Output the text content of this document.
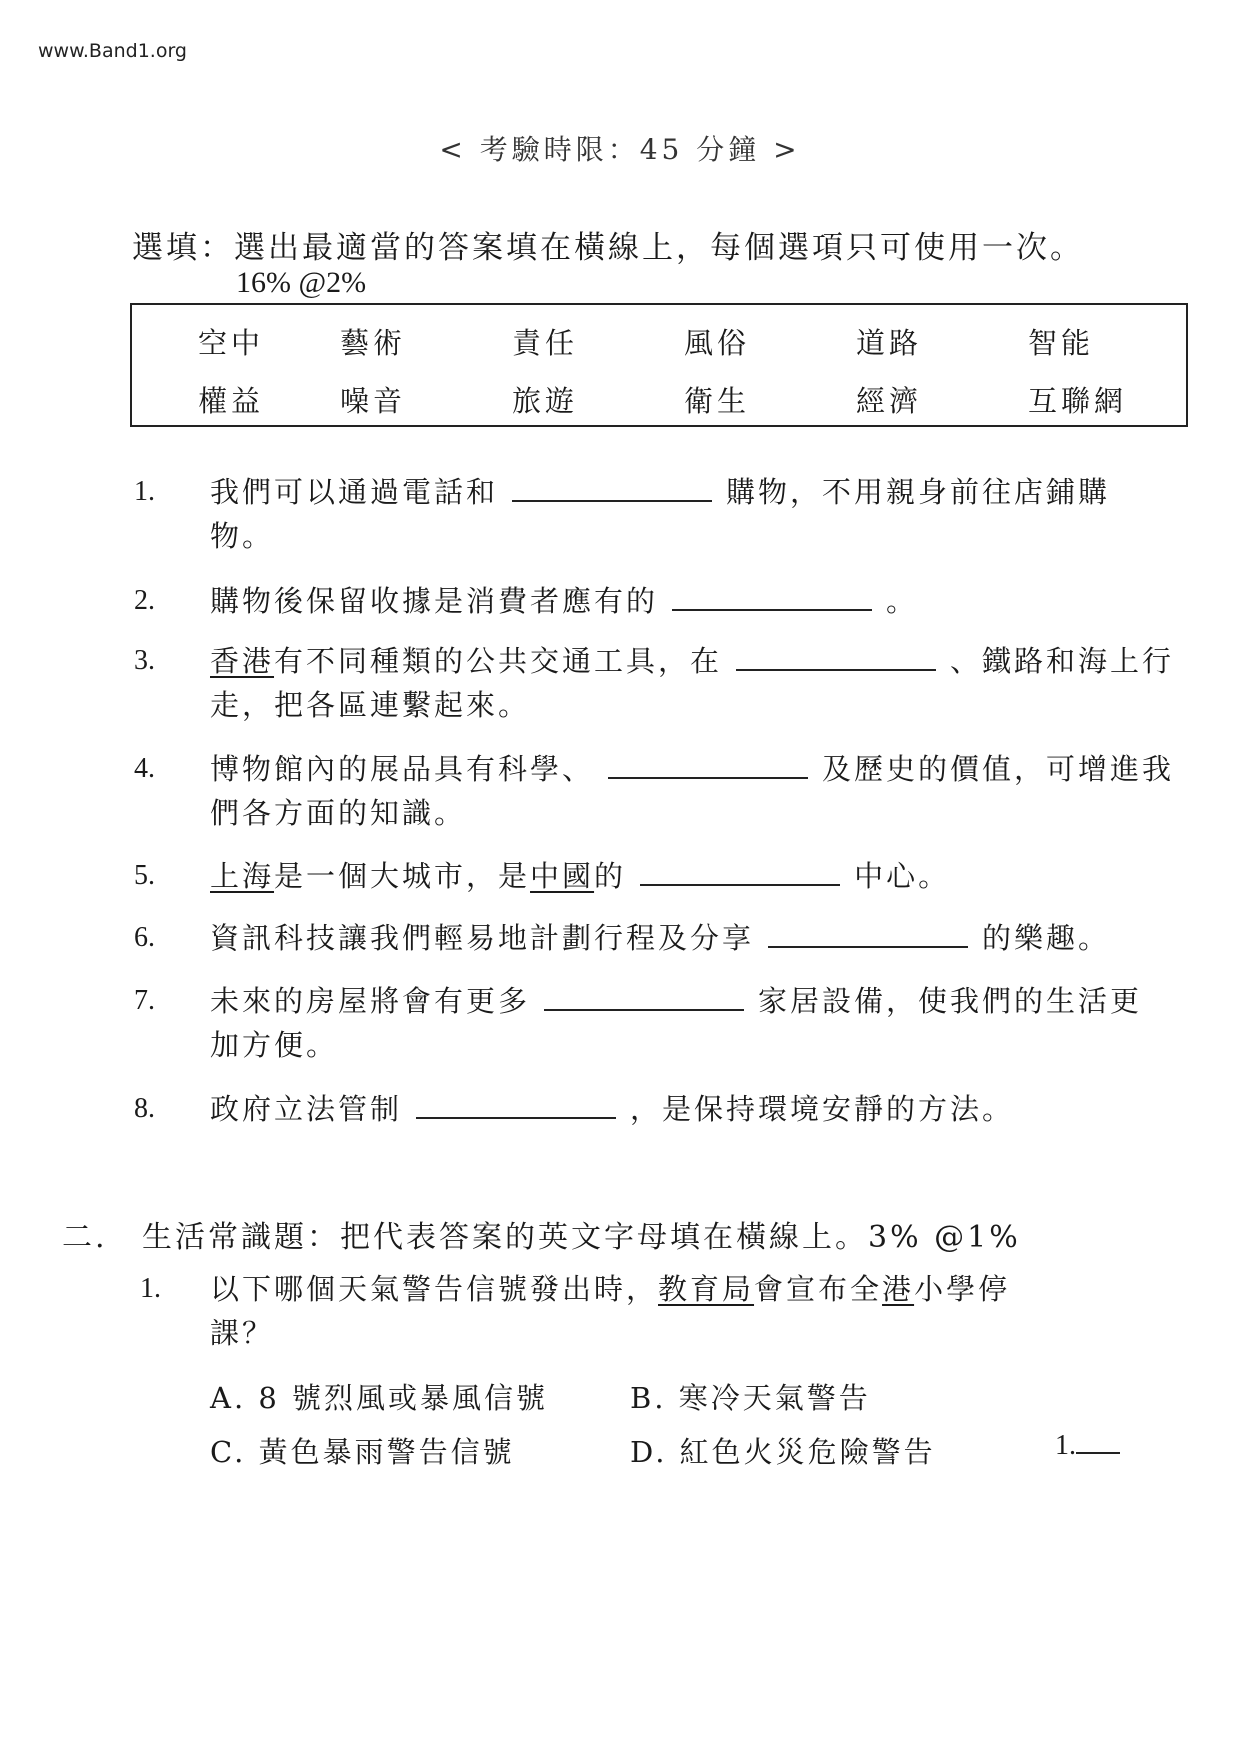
www.Band1.org
< 考驗時限：45 分鐘 >
選填：選出最適當的答案填在橫線上，每個選項只可使用一次。
16% @2%
空中	藝術	責任	風俗	道路	智能
權益	噪音	旅遊	衛生	經濟	互聯網
1. 我們可以通過電話和	購物，不用親身前往店鋪購
物。
2. 購物後保留收據是消費者應有的	。
3. 香港有不同種類的公共交通工具，在	、鐵路和海上行
走，把各區連繫起來。
4. 博物館內的展品具有科學、	及歷史的價值，可增進我
們各方面的知識。
5. 上海是一個大城市，是中國的	中心。
6. 資訊科技讓我們輕易地計劃行程及分享	的樂趣。
7. 未來的房屋將會有更多	家居設備，使我們的生活更
加方便。
8. 政府立法管制	，是保持環境安靜的方法。
二. 生活常識題：把代表答案的英文字母填在橫線上。3% @1%
1. 以下哪個天氣警告信號發出時，教育局會宣布全港小學停
課？
A. 8 號烈風或暴風信號	B. 寒冷天氣警告
C. 黃色暴雨警告信號	D. 紅色火災危險警告	1.
